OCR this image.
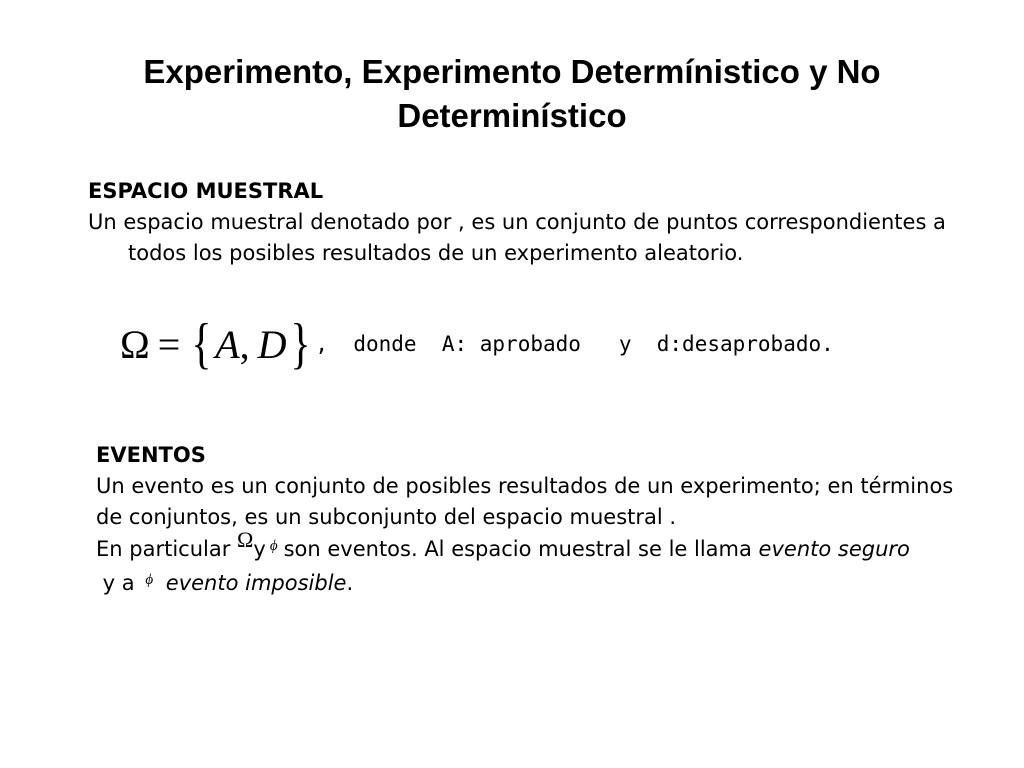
Experimento, Experimento Determínistico y No Determinístico
ESPACIO MUESTRAL
Un espacio muestral denotado por , es un conjunto de puntos correspondientes a todos los posibles resultados de un experimento aleatorio.
Ω = { A , D } ,  donde  A: aprobado   y  d:desaprobado.
EVENTOS
Un evento es un conjunto de posibles resultados de un experimento; en términos de conjuntos, es un subconjunto del espacio muestral .
En particular Ωy $^\phi$ son eventos. Al espacio muestral se le llama evento seguro y a $^\phi$ evento imposible.
